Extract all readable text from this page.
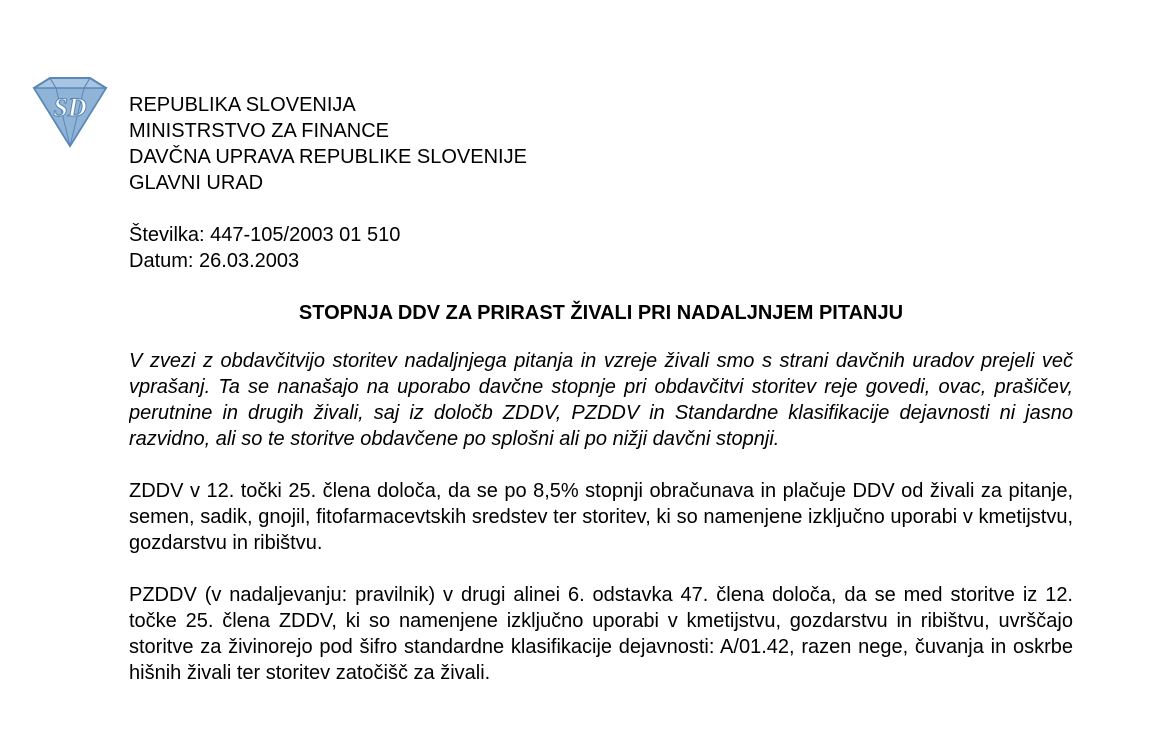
SD REPUBLIKA SLOVENIJA
MINISTRSTVO ZA FINANCE
DAVČNA UPRAVA REPUBLIKE SLOVENIJE
GLAVNI URAD
Številka: 447-105/2003 01 510
Datum: 26.03.2003
STOPNJA DDV ZA PRIRAST ŽIVALI PRI NADALJNJEM PITANJU

V zvezi z obdavčitvijo storitev nadaljnjega pitanja in vzreje živali smo s strani davčnih uradov prejeli več vprašanj. Ta se nanašajo na uporabo davčne stopnje pri obdavčitvi storitev reje govedi, ovac, prašičev, perutnine in drugih živali, saj iz določb ZDDV, PZDDV in Standardne klasifikacije dejavnosti ni jasno razvidno, ali so te storitve obdavčene po splošni ali po nižji davčni stopnji.

ZDDV v 12. točki 25. člena določa, da se po 8,5% stopnji obračunava in plačuje DDV od živali za pitanje, semen, sadik, gnojil, fitofarmacevtskih sredstev ter storitev, ki so namenjene izključno uporabi v kmetijstvu, gozdarstvu in ribištvu.

PZDDV (v nadaljevanju: pravilnik) v drugi alinei 6. odstavka 47. člena določa, da se med storitve iz 12. točke 25. člena ZDDV, ki so namenjene izključno uporabi v kmetijstvu, gozdarstvu in ribištvu, uvrščajo storitve za živinorejo pod šifro standardne klasifikacije dejavnosti: A/01.42, razen nege, čuvanja in oskrbe hišnih živali ter storitev zatočišč za živali.
